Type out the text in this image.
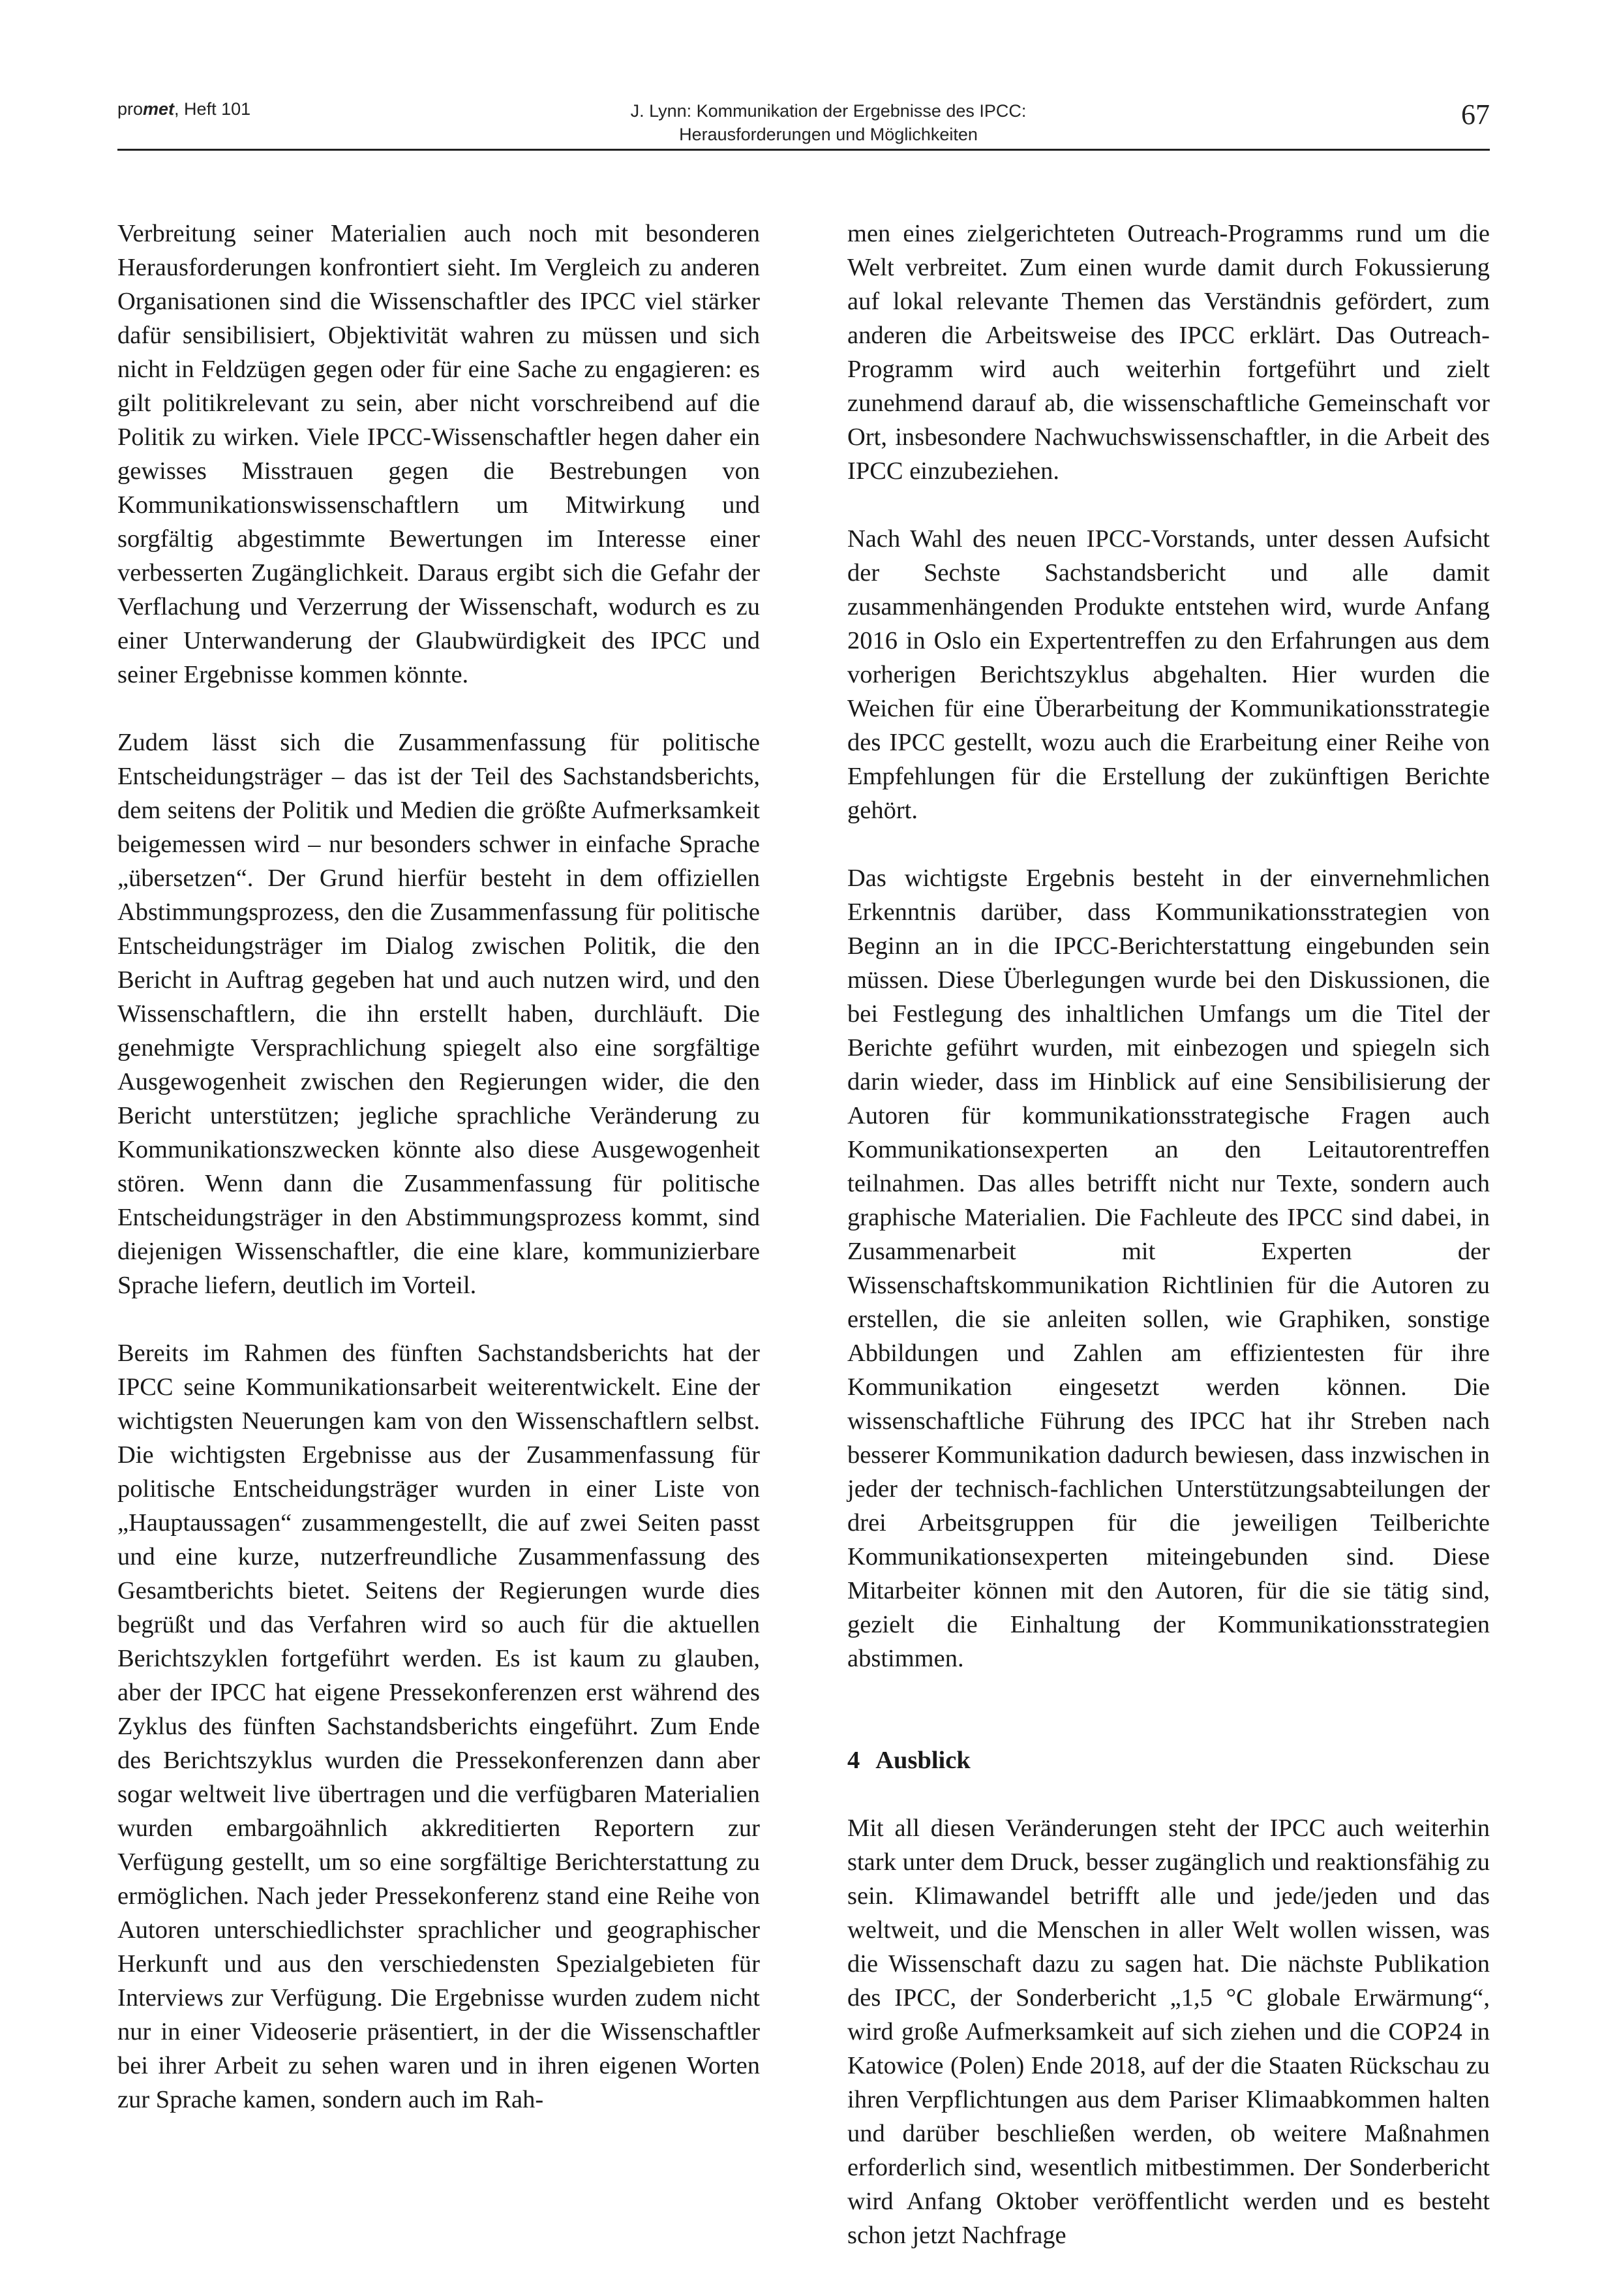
promet, Heft 101	J. Lynn: Kommunikation der Ergebnisse des IPCC:
Herausforderungen und Möglichkeiten
67

Verbreitung seiner Materialien auch noch mit besonderen Herausforderungen konfrontiert sieht. Im Vergleich zu anderen Organisationen sind die Wissenschaftler des IPCC viel stärker dafür sensibilisiert, Objektivität wahren zu müssen und sich nicht in Feldzügen gegen oder für eine Sache zu engagieren: es gilt politikrelevant zu sein, aber nicht vorschreibend auf die Politik zu wirken. Viele IPCC-Wissenschaftler hegen daher ein gewisses Misstrauen gegen die Bestrebungen von Kommunikationswissenschaftlern um Mitwirkung und sorgfältig abgestimmte Bewertungen im Interesse einer verbesserten Zugänglichkeit. Daraus ergibt sich die Gefahr der Verflachung und Verzerrung der Wissenschaft, wodurch es zu einer Unterwanderung der Glaubwürdigkeit des IPCC und seiner Ergebnisse kommen könnte.

Zudem lässt sich die Zusammenfassung für politische Entscheidungsträger – das ist der Teil des Sachstandsberichts, dem seitens der Politik und Medien die größte Aufmerksamkeit beigemessen wird – nur besonders schwer in einfache Sprache „übersetzen“. Der Grund hierfür besteht in dem offiziellen Abstimmungsprozess, den die Zusammenfassung für politische Entscheidungsträger im Dialog zwischen Politik, die den Bericht in Auftrag gegeben hat und auch nutzen wird, und den Wissenschaftlern, die ihn erstellt haben, durchläuft. Die genehmigte Versprachlichung spiegelt also eine sorgfältige Ausgewogenheit zwischen den Regierungen wider, die den Bericht unterstützen; jegliche sprachliche Veränderung zu Kommunikationszwecken könnte also diese Ausgewogenheit stören. Wenn dann die Zusammenfassung für politische Entscheidungsträger in den Abstimmungsprozess kommt, sind diejenigen Wissenschaftler, die eine klare, kommunizierbare Sprache liefern, deutlich im Vorteil.

Bereits im Rahmen des fünften Sachstandsberichts hat der IPCC seine Kommunikationsarbeit weiterentwickelt. Eine der wichtigsten Neuerungen kam von den Wissenschaftlern selbst. Die wichtigsten Ergebnisse aus der Zusammenfassung für politische Entscheidungsträger wurden in einer Liste von „Hauptaussagen“ zusammengestellt, die auf zwei Seiten passt und eine kurze, nutzerfreundliche Zusammenfassung des Gesamtberichts bietet. Seitens der Regierungen wurde dies begrüßt und das Verfahren wird so auch für die aktuellen Berichtszyklen fortgeführt werden. Es ist kaum zu glauben, aber der IPCC hat eigene Pressekonferenzen erst während des Zyklus des fünften Sachstandsberichts eingeführt. Zum Ende des Berichtszyklus wurden die Pressekonferenzen dann aber sogar weltweit live übertragen und die verfügbaren Materialien wurden embargoähnlich akkreditierten Reportern zur Verfügung gestellt, um so eine sorgfältige Berichterstattung zu ermöglichen. Nach jeder Pressekonferenz stand eine Reihe von Autoren unterschiedlichster sprachlicher und geographischer Herkunft und aus den verschiedensten Spezialgebieten für Interviews zur Verfügung. Die Ergebnisse wurden zudem nicht nur in einer Videoserie präsentiert, in der die Wissenschaftler bei ihrer Arbeit zu sehen waren und in ihren eigenen Worten zur Sprache kamen, sondern auch im Rah-

men eines zielgerichteten Outreach-Programms rund um die Welt verbreitet. Zum einen wurde damit durch Fokussierung auf lokal relevante Themen das Verständnis gefördert, zum anderen die Arbeitsweise des IPCC erklärt. Das Outreach-Programm wird auch weiterhin fortgeführt und zielt zunehmend darauf ab, die wissenschaftliche Gemeinschaft vor Ort, insbesondere Nachwuchswissenschaftler, in die Arbeit des IPCC einzubeziehen.

Nach Wahl des neuen IPCC-Vorstands, unter dessen Aufsicht der Sechste Sachstandsbericht und alle damit zusammenhängenden Produkte entstehen wird, wurde Anfang 2016 in Oslo ein Expertentreffen zu den Erfahrungen aus dem vorherigen Berichtszyklus abgehalten. Hier wurden die Weichen für eine Überarbeitung der Kommunikationsstrategie des IPCC gestellt, wozu auch die Erarbeitung einer Reihe von Empfehlungen für die Erstellung der zukünftigen Berichte gehört.

Das wichtigste Ergebnis besteht in der einvernehmlichen Erkenntnis darüber, dass Kommunikationsstrategien von Beginn an in die IPCC-Berichterstattung eingebunden sein müssen. Diese Überlegungen wurde bei den Diskussionen, die bei Festlegung des inhaltlichen Umfangs um die Titel der Berichte geführt wurden, mit einbezogen und spiegeln sich darin wieder, dass im Hinblick auf eine Sensibilisierung der Autoren für kommunikationsstrategische Fragen auch Kommunikationsexperten an den Leitautorentreffen teilnahmen. Das alles betrifft nicht nur Texte, sondern auch graphische Materialien. Die Fachleute des IPCC sind dabei, in Zusammenarbeit mit Experten der Wissenschaftskommunikation Richtlinien für die Autoren zu erstellen, die sie anleiten sollen, wie Graphiken, sonstige Abbildungen und Zahlen am effizientesten für ihre Kommunikation eingesetzt werden können. Die wissenschaftliche Führung des IPCC hat ihr Streben nach besserer Kommunikation dadurch bewiesen, dass inzwischen in jeder der technisch-fachlichen Unterstützungsabteilungen der drei Arbeitsgruppen für die jeweiligen Teilberichte Kommunikationsexperten miteingebunden sind. Diese Mitarbeiter können mit den Autoren, für die sie tätig sind, gezielt die Einhaltung der Kommunikationsstrategien abstimmen.

4 Ausblick

Mit all diesen Veränderungen steht der IPCC auch weiterhin stark unter dem Druck, besser zugänglich und reaktionsfähig zu sein. Klimawandel betrifft alle und jede/jeden und das weltweit, und die Menschen in aller Welt wollen wissen, was die Wissenschaft dazu zu sagen hat. Die nächste Publikation des IPCC, der Sonderbericht „1,5 °C globale Erwärmung“, wird große Aufmerksamkeit auf sich ziehen und die COP24 in Katowice (Polen) Ende 2018, auf der die Staaten Rückschau zu ihren Verpflichtungen aus dem Pariser Klimaabkommen halten und darüber beschließen werden, ob weitere Maßnahmen erforderlich sind, wesentlich mitbestimmen. Der Sonderbericht wird Anfang Oktober veröffentlicht werden und es besteht schon jetzt Nachfrage
